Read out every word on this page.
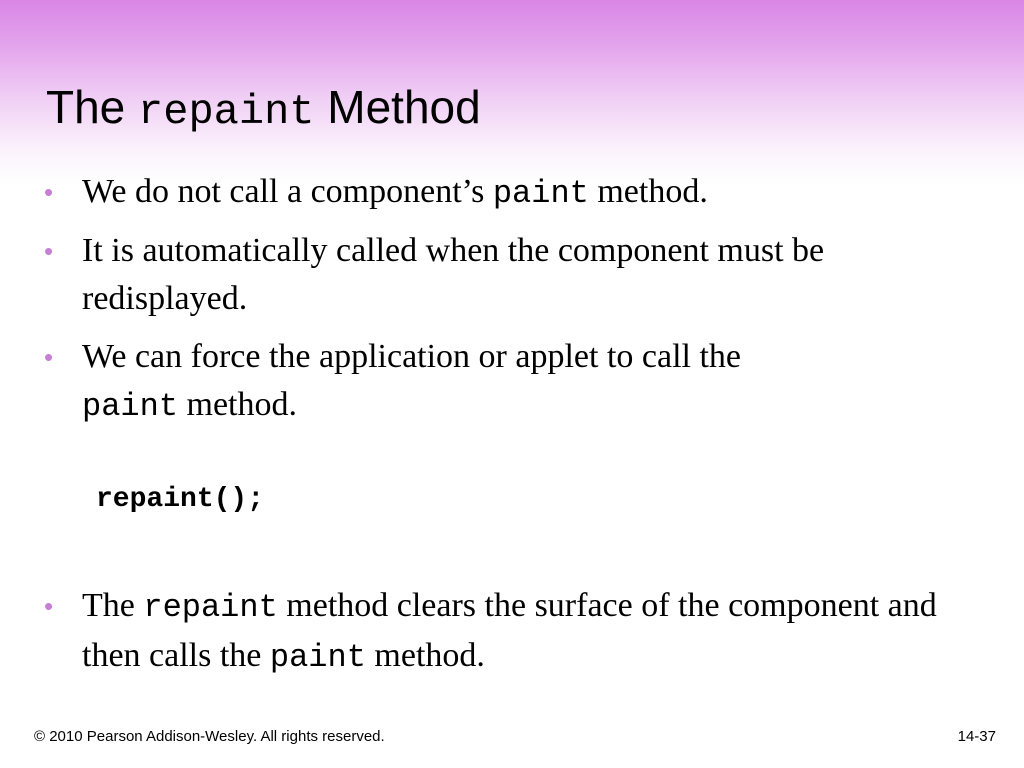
The repaint Method
• We do not call a component’s paint method.
• It is automatically called when the component must be redisplayed.
• We can force the application or applet to call the
paint method.
repaint();
• The repaint method clears the surface of the component and then calls the paint method.
© 2010 Pearson Addison-Wesley. All rights reserved.	14-37
